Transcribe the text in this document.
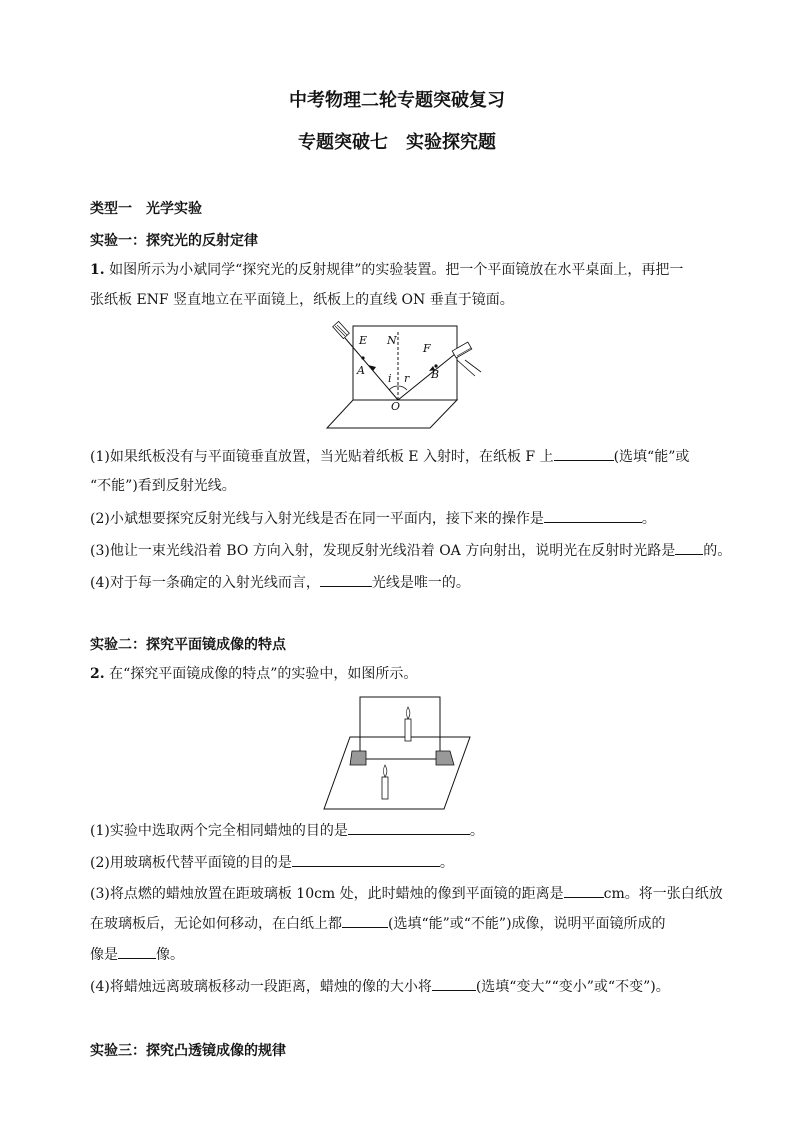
中考物理二轮专题突破复习
专题突破七　实验探究题
类型一　光学实验
实验一：探究光的反射定律
1. 如图所示为小斌同学“探究光的反射规律”的实验装置。把一个平面镜放在水平桌面上，再把一
张纸板 ENF 竖直地立在平面镜上，纸板上的直线 ON 垂直于镜面。
E N
F
A	B
O
i r
(1)如果纸板没有与平面镜垂直放置，当光贴着纸板 E 入射时，在纸板 F 上	(选填“能”或
“不能”)看到反射光线。
(2)小斌想要探究反射光线与入射光线是否在同一平面内，接下来的操作是	。
(3)他让一束光线沿着 BO 方向入射，发现反射光线沿着 OA 方向射出，说明光在反射时光路是 的。
(4)对于每一条确定的入射光线而言，	光线是唯一的。
实验二：探究平面镜成像的特点
2. 在“探究平面镜成像的特点”的实验中，如图所示。
(1)实验中选取两个完全相同蜡烛的目的是	。
(2)用玻璃板代替平面镜的目的是	。
(3)将点燃的蜡烛放置在距玻璃板 10cm 处，此时蜡烛的像到平面镜的距离是	cm。将一张白纸放
在玻璃板后，无论如何移动，在白纸上都	(选填“能”或“不能”)成像，说明平面镜所成的
像是	像。
(4)将蜡烛远离玻璃板移动一段距离，蜡烛的像的大小将	(选填“变大”“变小”或“不变”)。
实验三：探究凸透镜成像的规律
